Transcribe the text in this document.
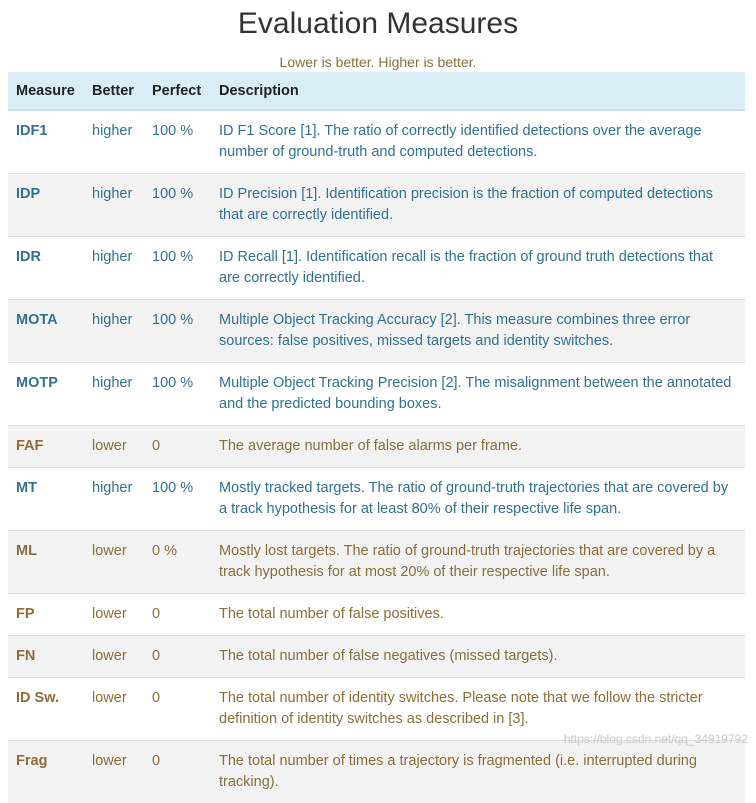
Evaluation Measures
Lower is better. Higher is better.
Measure	Better	Perfect	Description
IDF1	higher	100 %	ID F1 Score [1]. The ratio of correctly identified detections over the average number of ground-truth and computed detections.
IDP	higher	100 %	ID Precision [1]. Identification precision is the fraction of computed detections that are correctly identified.
IDR	higher	100 %	ID Recall [1]. Identification recall is the fraction of ground truth detections that are correctly identified.
MOTA	higher	100 %	Multiple Object Tracking Accuracy [2]. This measure combines three error sources: false positives, missed targets and identity switches.
MOTP	higher	100 %	Multiple Object Tracking Precision [2]. The misalignment between the annotated and the predicted bounding boxes.
FAF	lower	0	The average number of false alarms per frame.
MT	higher	100 %	Mostly tracked targets. The ratio of ground-truth trajectories that are covered by a track hypothesis for at least 80% of their respective life span.
ML	lower	0 %	Mostly lost targets. The ratio of ground-truth trajectories that are covered by a track hypothesis for at most 20% of their respective life span.
FP	lower	0	The total number of false positives.
FN	lower	0	The total number of false negatives (missed targets).
ID Sw.	lower	0	The total number of identity switches. Please note that we follow the stricter definition of identity switches as described in [3].
Frag	lower	0	The total number of times a trajectory is fragmented (i.e. interrupted during tracking).
https://blog.csdn.net/qq_34919792
